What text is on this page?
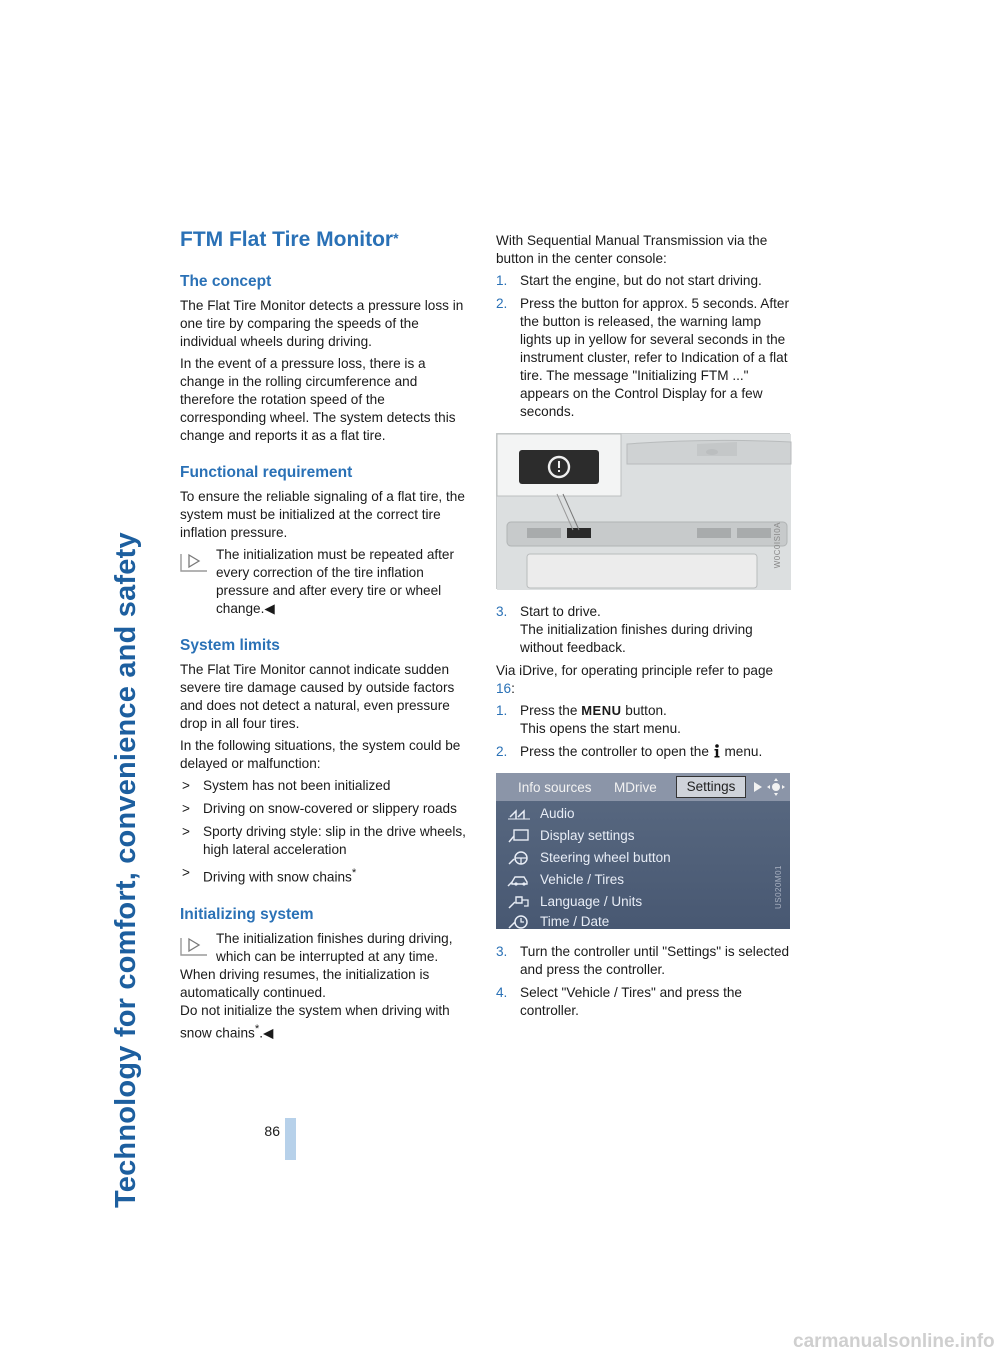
Technology for comfort, convenience and safety	86
FTM Flat Tire Monitor*
The concept

The Flat Tire Monitor detects a pressure loss in one tire by comparing the speeds of the individual wheels during driving.

In the event of a pressure loss, there is a change in the rolling circumference and therefore the rotation speed of the corresponding wheel. The system detects this change and reports it as a flat tire.

Functional requirement

To ensure the reliable signaling of a flat tire, the system must be initialized at the correct tire inflation pressure.

The initialization must be repeated after every correction of the tire inflation pressure and after every tire or wheel change.◀
System limits

The Flat Tire Monitor cannot indicate sudden severe tire damage caused by outside factors and does not detect a natural, even pressure drop in all four tires.

In the following situations, the system could be delayed or malfunction:

> System has not been initialized
> Driving on snow-covered or slippery roads
> Sporty driving style: slip in the drive wheels, high lateral acceleration
> Driving with snow chains*
Initializing system
The initialization finishes during driving, which can be interrupted at any time.
When driving resumes, the initialization is automatically continued.
Do not initialize the system when driving with snow chains*.◀

With Sequential Manual Transmission via the button in the center console:

1. Start the engine, but do not start driving.
2. Press the button for approx. 5 seconds. After the button is released, the warning lamp lights up in yellow for several seconds in the instrument cluster, refer to Indication of a flat tire. The message "Initializing FTM ..." appears on the Control Display for a few seconds.
W0C0ISI0A
3. Start to drive.
The initialization finishes during driving without feedback.

Via iDrive, for operating principle refer to page 16:

1. Press the MENU button.
This opens the start menu.
2. Press the controller to open the menu.
Info sources MDrive	Settings
Audio
Display settings
Steering wheel button
Vehicle / Tires
Language / Units
Time / Date
US020M01
3. Turn the controller until "Settings" is selected and press the controller.
4. Select "Vehicle / Tires" and press the controller.
carmanualsonline.info
